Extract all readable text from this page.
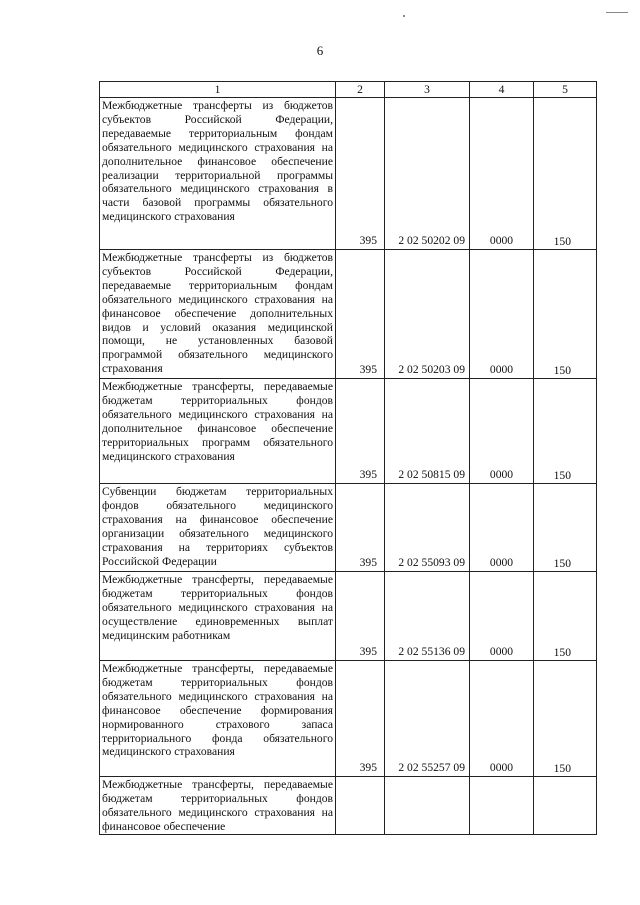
6
1	2	3	4	5
Межбюджетные трансферты из бюджетов субъектов Российской Федерации, передаваемые территориальным фондам обязательного медицинского страхования на дополнительное финансовое обеспечение реализации территориальной программы обязательного медицинского страхования в части базовой программы обязательного медицинского страхования	395	2 02 50202 09	0000	150
Межбюджетные трансферты из бюджетов субъектов Российской Федерации, передаваемые территориальным фондам обязательного медицинского страхования на финансовое обеспечение дополнительных видов и условий оказания медицинской помощи, не установленных базовой программой обязательного медицинского страхования	395	2 02 50203 09	0000	150
Межбюджетные трансферты, передаваемые бюджетам территориальных фондов обязательного медицинского страхования на дополнительное финансовое обеспечение территориальных программ обязательного медицинского страхования	395	2 02 50815 09	0000	150
Субвенции бюджетам территориальных фондов обязательного медицинского страхования на финансовое обеспечение организации обязательного медицинского страхования на территориях субъектов Российской Федерации	395	2 02 55093 09	0000	150
Межбюджетные трансферты, передаваемые бюджетам территориальных фондов обязательного медицинского страхования на осуществление единовременных выплат медицинским работникам	395	2 02 55136 09	0000	150
Межбюджетные трансферты, передаваемые бюджетам территориальных фондов обязательного медицинского страхования на финансовое обеспечение формирования нормированного страхового запаса территориального фонда обязательного медицинского страхования	395	2 02 55257 09	0000	150
Межбюджетные трансферты, передаваемые бюджетам территориальных фондов обязательного медицинского страхования на финансовое обеспечение				
